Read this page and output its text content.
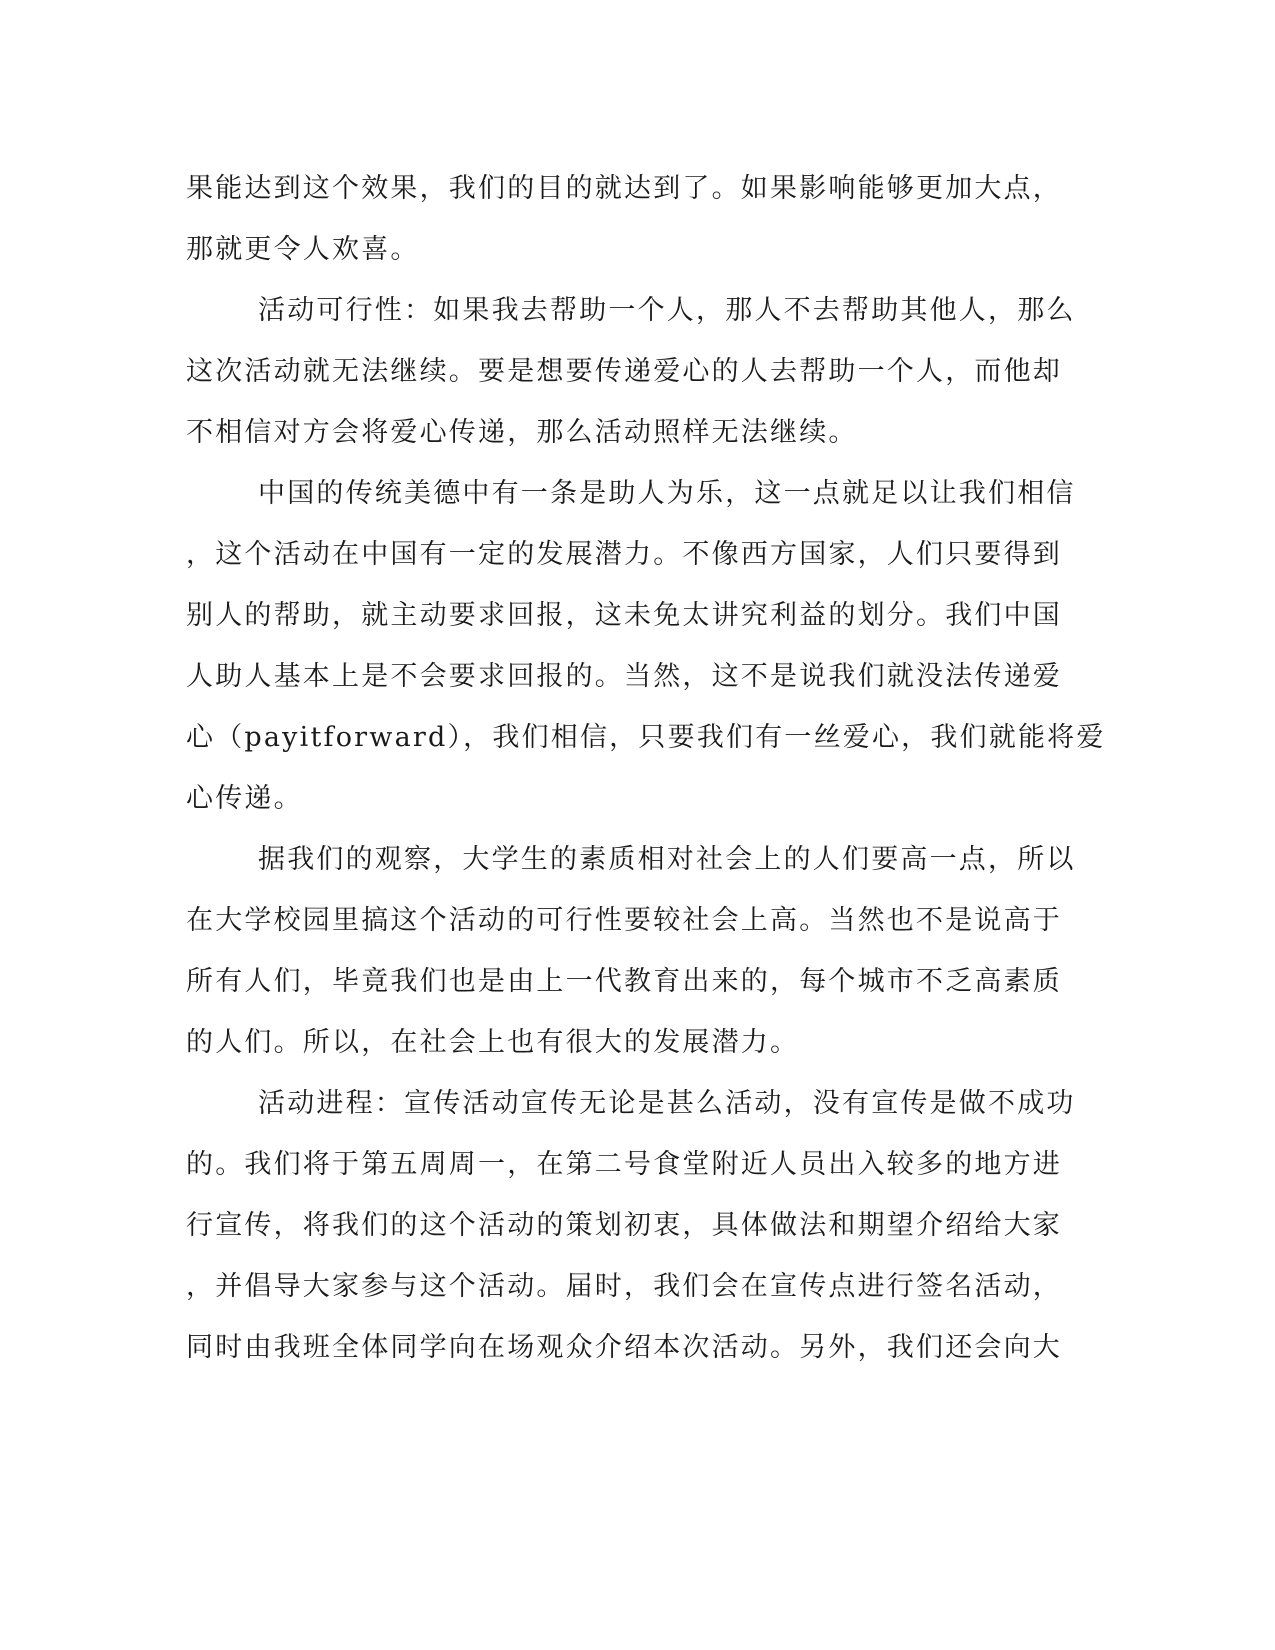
果能达到这个效果，我们的目的就达到了。如果影响能够更加大点，
那就更令人欢喜。
活动可行性：如果我去帮助一个人，那人不去帮助其他人，那么
这次活动就无法继续。要是想要传递爱心的人去帮助一个人，而他却
不相信对方会将爱心传递，那么活动照样无法继续。
中国的传统美德中有一条是助人为乐，这一点就足以让我们相信
，这个活动在中国有一定的发展潜力。不像西方国家，人们只要得到
别人的帮助，就主动要求回报，这未免太讲究利益的划分。我们中国
人助人基本上是不会要求回报的。当然，这不是说我们就没法传递爱
心（payitforward），我们相信，只要我们有一丝爱心，我们就能将爱
心传递。
据我们的观察，大学生的素质相对社会上的人们要高一点，所以
在大学校园里搞这个活动的可行性要较社会上高。当然也不是说高于
所有人们，毕竟我们也是由上一代教育出来的，每个城市不乏高素质
的人们。所以，在社会上也有很大的发展潜力。
活动进程：宣传活动宣传无论是甚么活动，没有宣传是做不成功
的。我们将于第五周周一，在第二号食堂附近人员出入较多的地方进
行宣传，将我们的这个活动的策划初衷，具体做法和期望介绍给大家
，并倡导大家参与这个活动。届时，我们会在宣传点进行签名活动，
同时由我班全体同学向在场观众介绍本次活动。另外，我们还会向大
